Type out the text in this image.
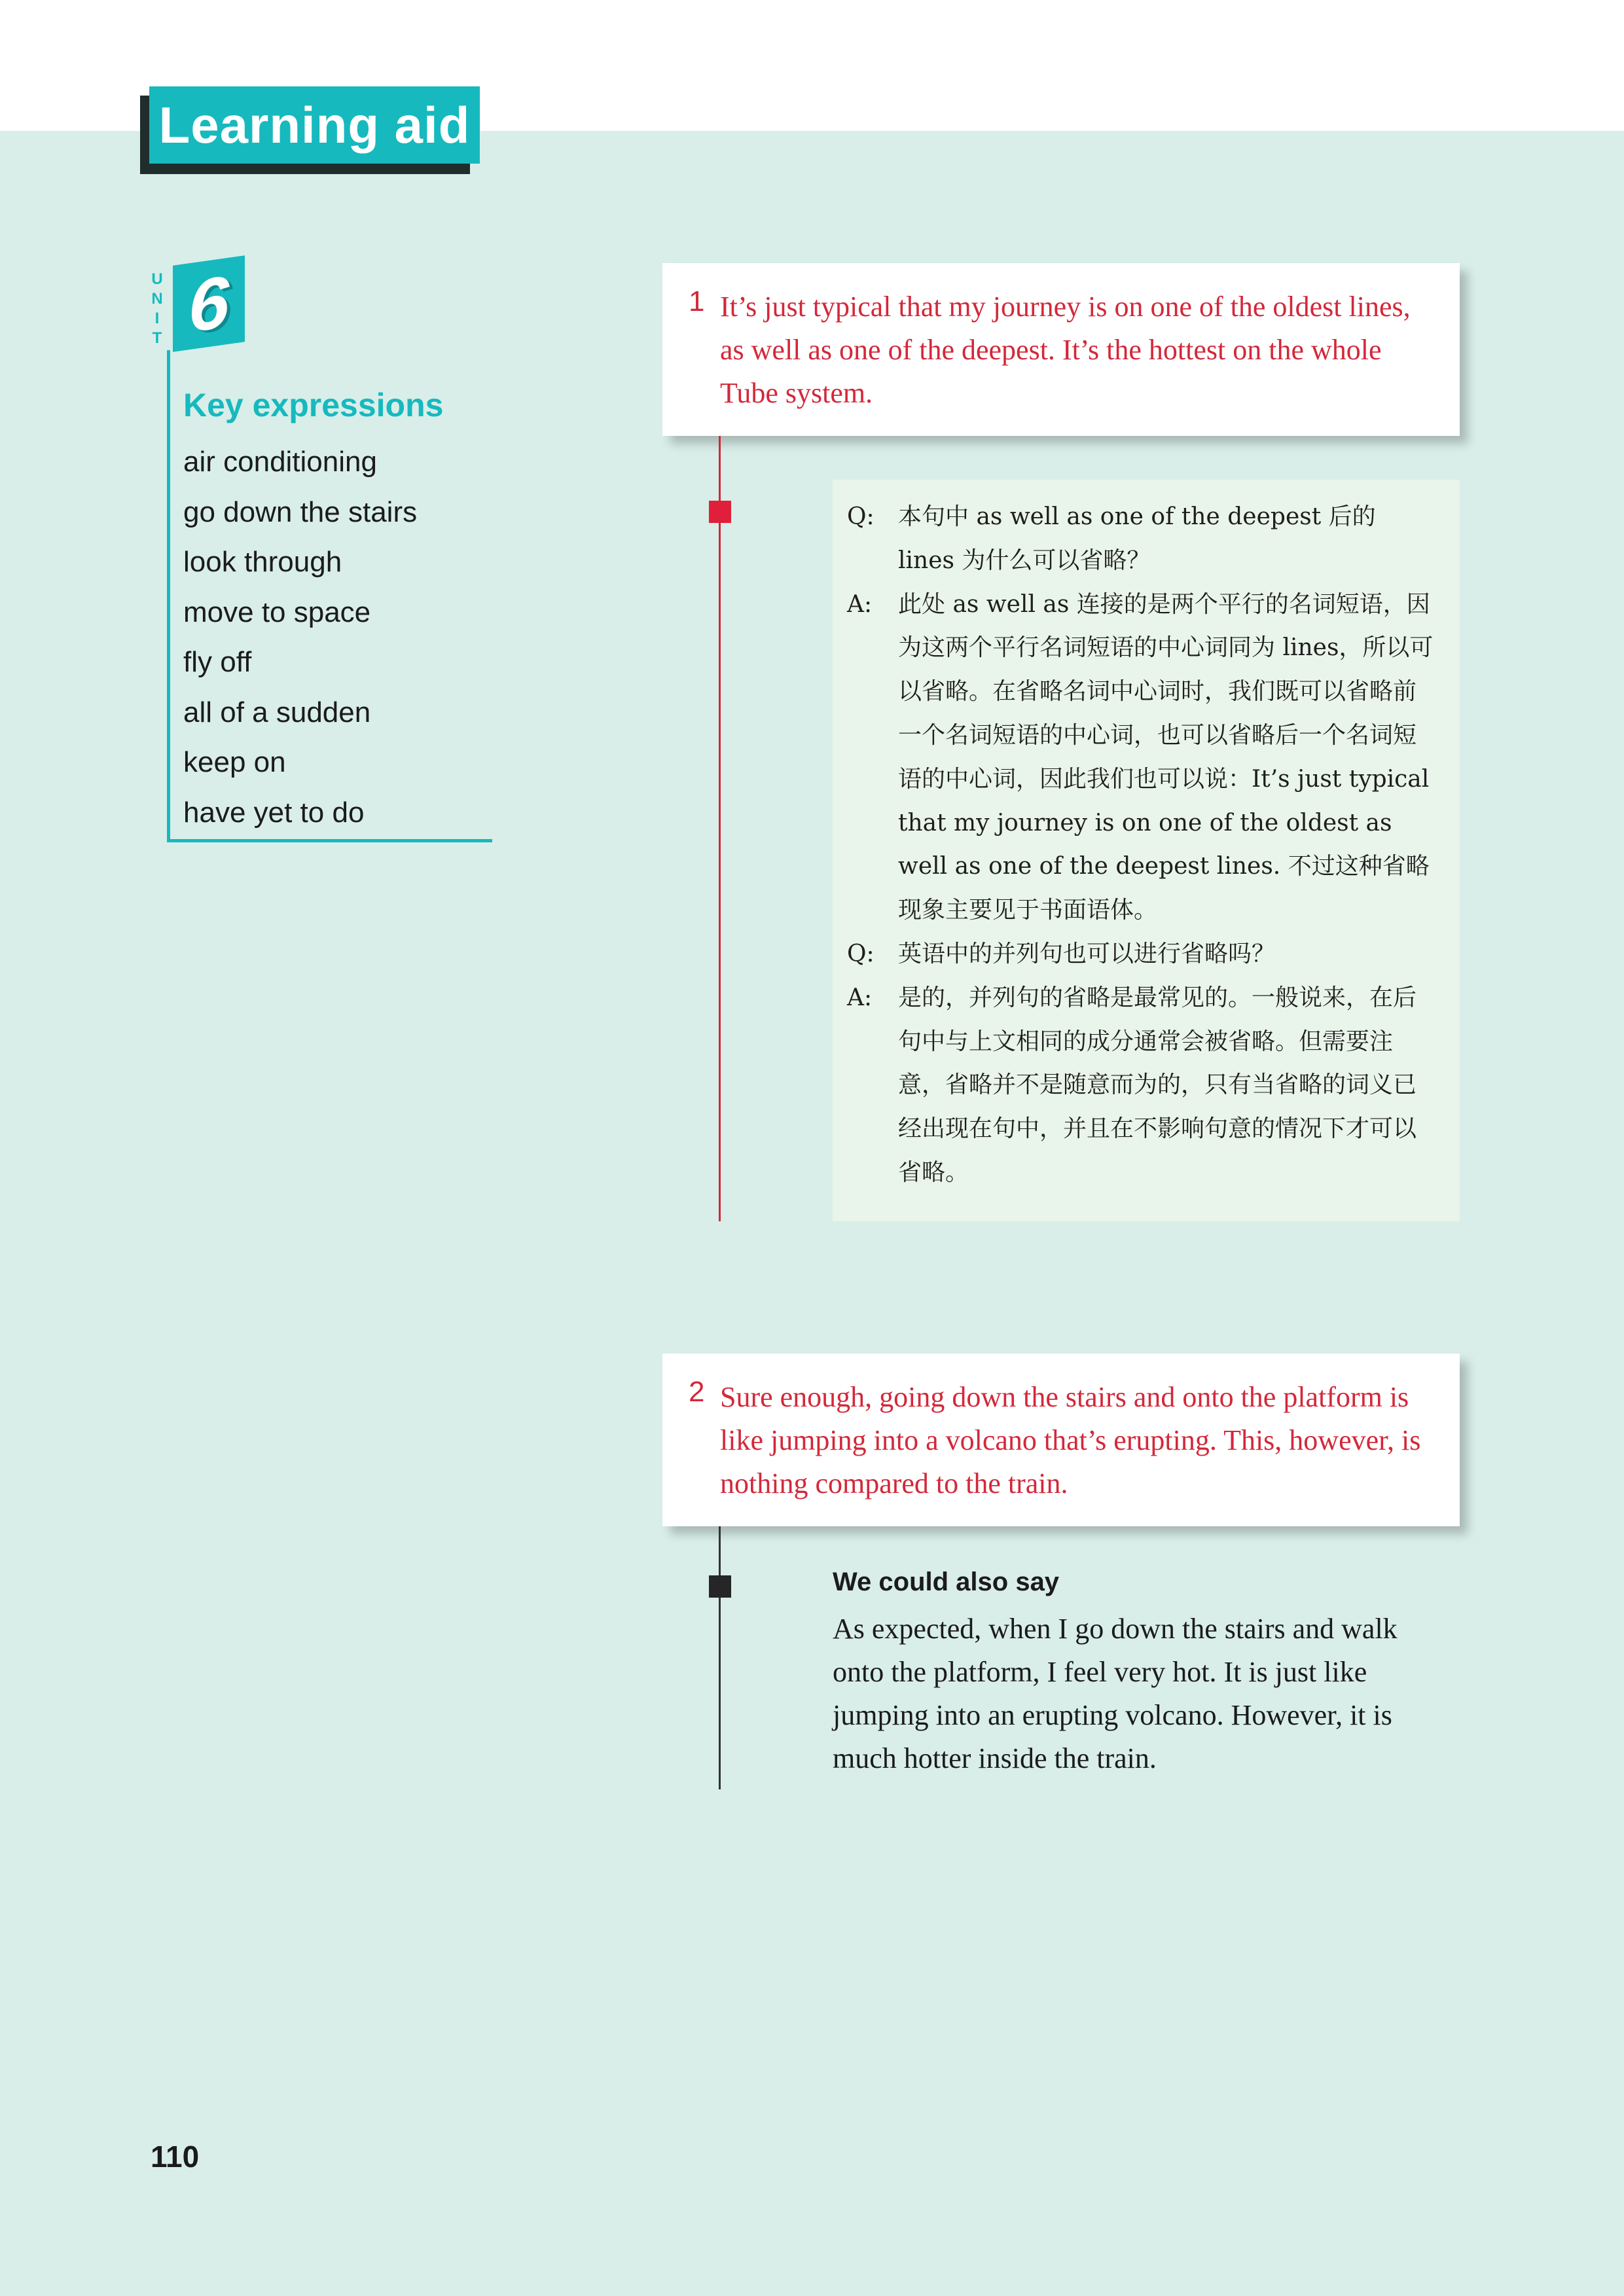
Learning aid
U
N
I
T 6
Key expressions
air conditioning
go down the stairs
look through
move to space
fly off
all of a sudden
keep on
have yet to do
1 It’s just typical that my journey is on one of the oldest lines, as well as one of the deepest. It’s the hottest on the whole Tube system.
Q:	本句中 as well as one of the deepest 后的 lines 为什么可以省略？
A:	此处 as well as 连接的是两个平行的名词短语，因为这两个平行名词短语的中心词同为 lines，所以可以省略。在省略名词中心词时，我们既可以省略前一个名词短语的中心词，也可以省略后一个名词短语的中心词，因此我们也可以说：It’s just typical that my journey is on one of the oldest as well as one of the deepest lines. 不过这种省略现象主要见于书面语体。
Q:	英语中的并列句也可以进行省略吗？
A:	是的，并列句的省略是最常见的。一般说来，在后句中与上文相同的成分通常会被省略。但需要注意，省略并不是随意而为的，只有当省略的词义已经出现在句中，并且在不影响句意的情况下才可以省略。
2 Sure enough, going down the stairs and onto the platform is like jumping into a volcano that’s erupting. This, however, is nothing compared to the train.
We could also say
As expected, when I go down the stairs and walk onto the platform, I feel very hot. It is just like jumping into an erupting volcano. However, it is much hotter inside the train.
110
